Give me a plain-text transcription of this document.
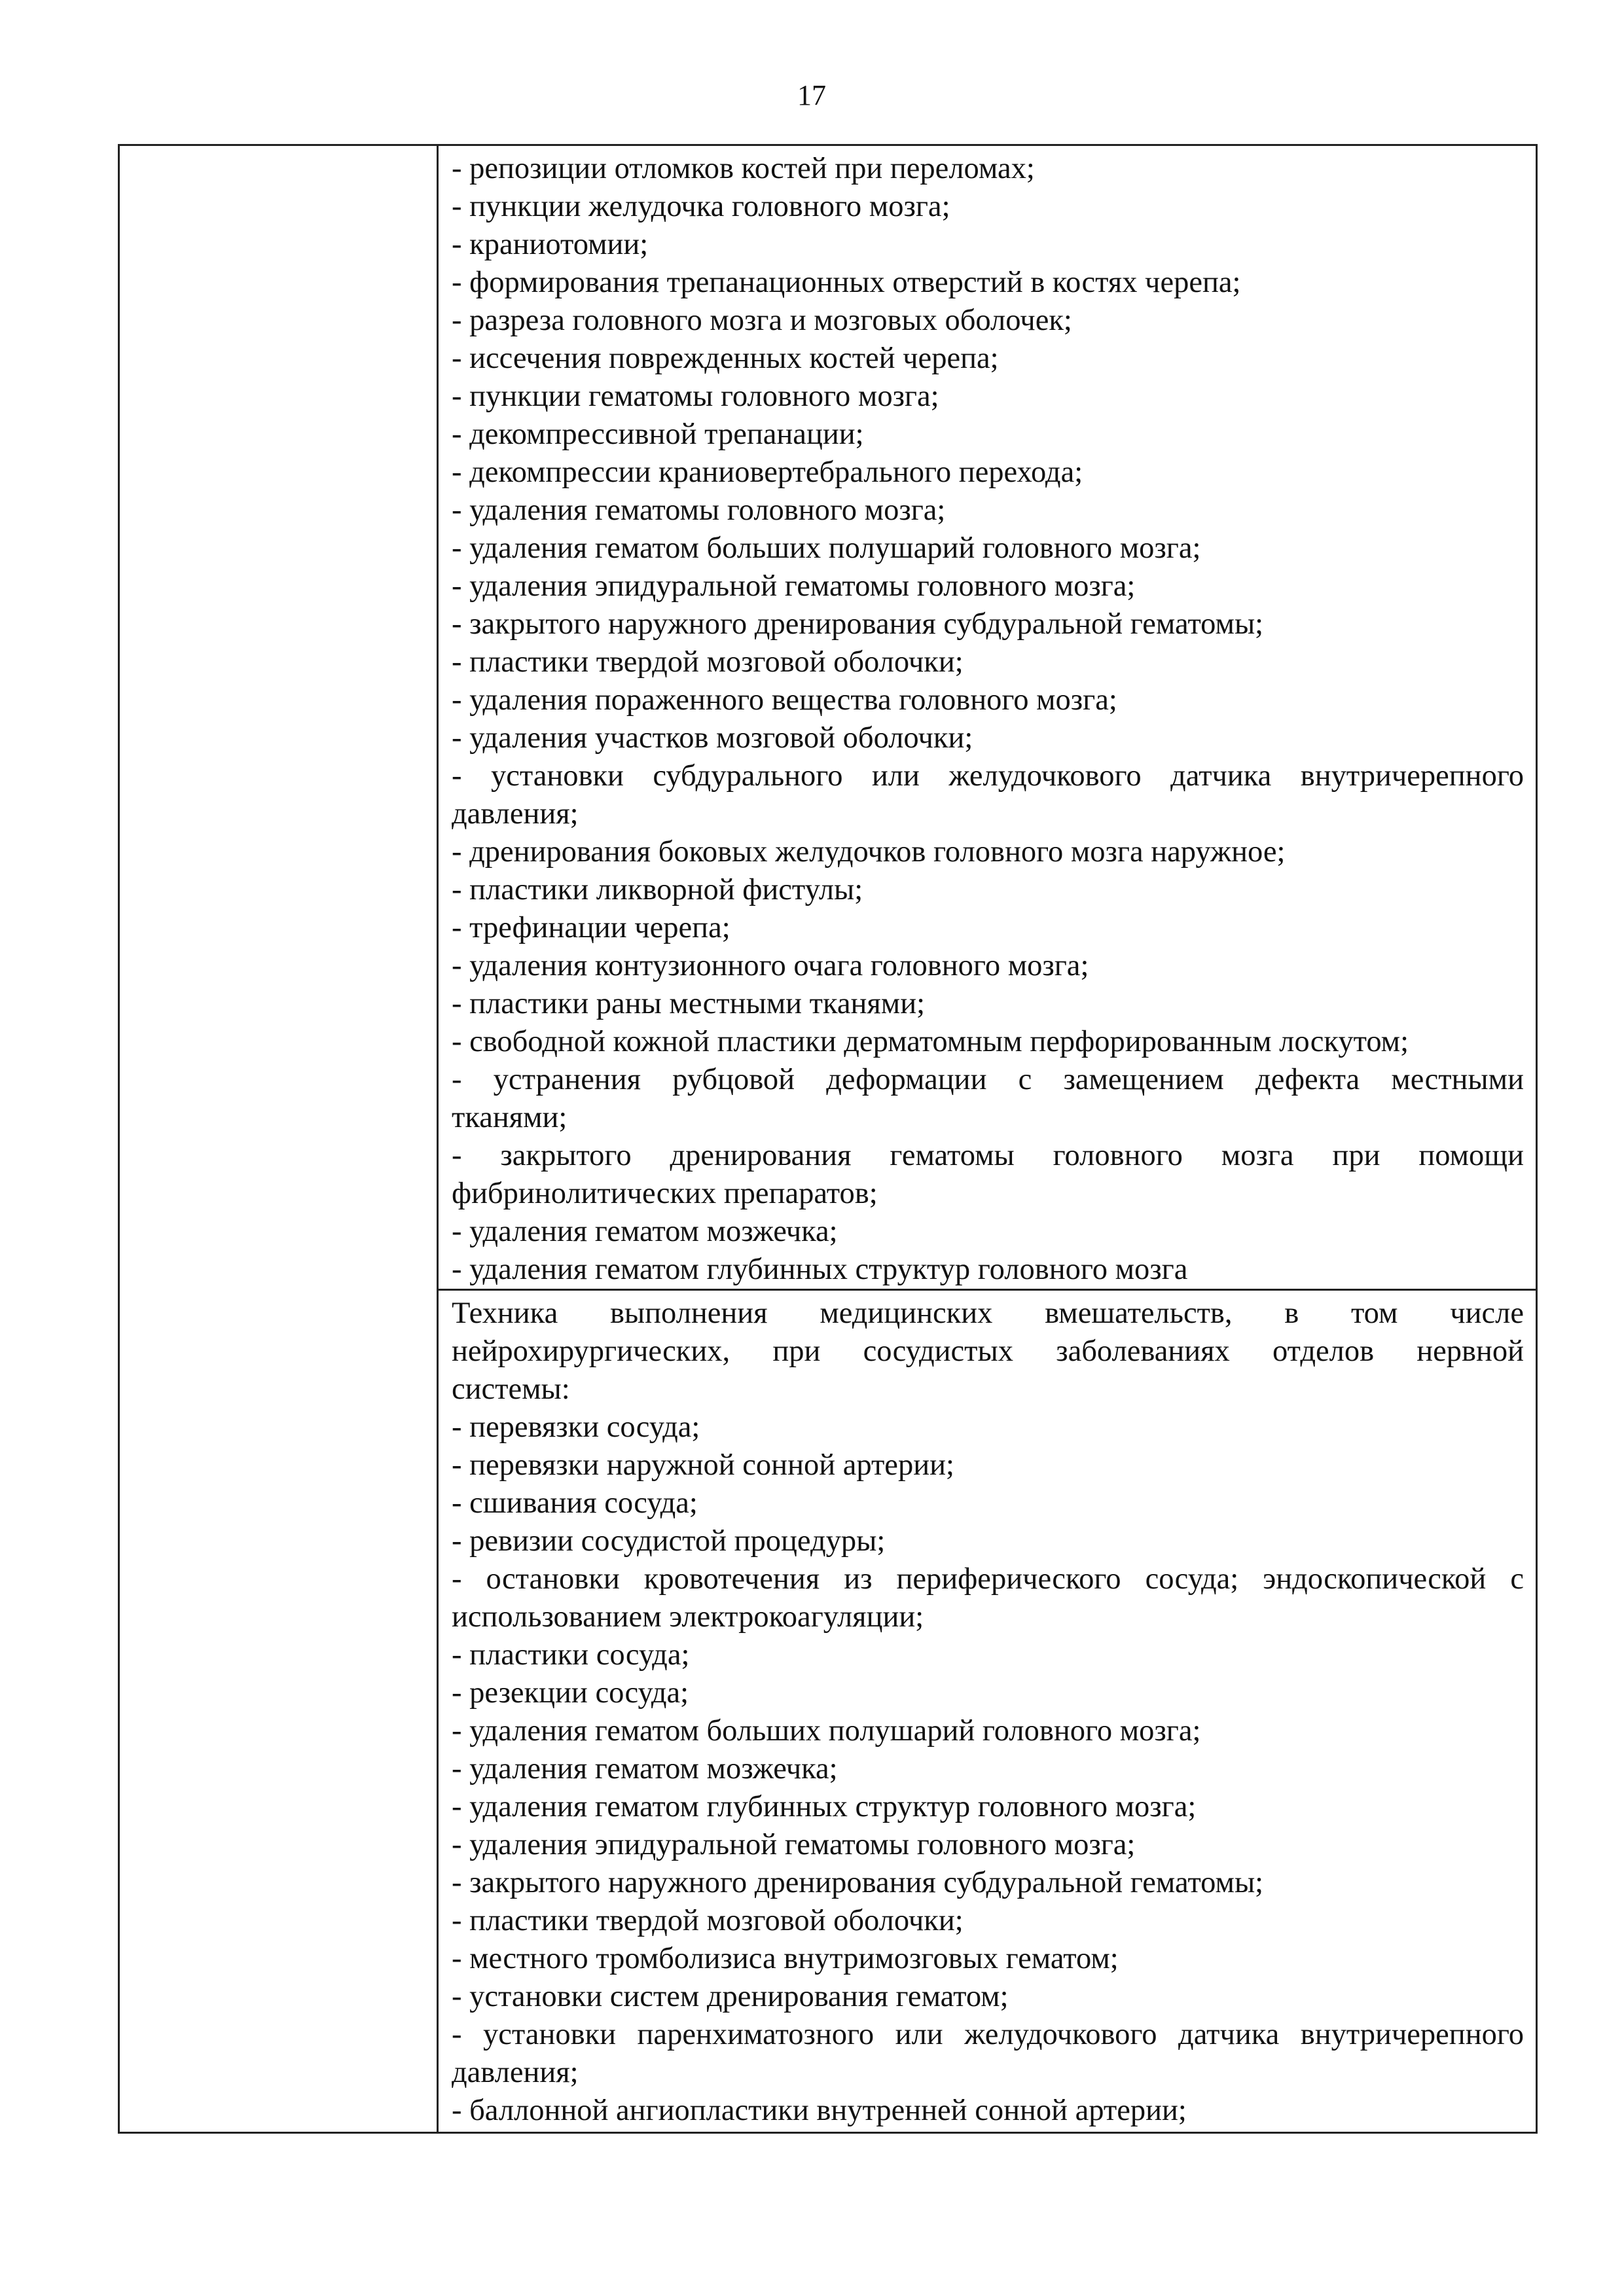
17
- репозиции отломков костей при переломах;
- пункции желудочка головного мозга;
- краниотомии;
- формирования трепанационных отверстий в костях черепа;
- разреза головного мозга и мозговых оболочек;
- иссечения поврежденных костей черепа;
- пункции гематомы головного мозга;
- декомпрессивной трепанации;
- декомпрессии краниовертебрального перехода;
- удаления гематомы головного мозга;
- удаления гематом больших полушарий головного мозга;
- удаления эпидуральной гематомы головного мозга;
- закрытого наружного дренирования субдуральной гематомы;
- пластики твердой мозговой оболочки;
- удаления пораженного вещества головного мозга;
- удаления участков мозговой оболочки;
- установки субдурального или желудочкового датчика внутричерепного
давления;
- дренирования боковых желудочков головного мозга наружное;
- пластики ликворной фистулы;
- трефинации черепа;
- удаления контузионного очага головного мозга;
- пластики раны местными тканями;
- свободной кожной пластики дерматомным перфорированным лоскутом;
- устранения рубцовой деформации с замещением дефекта местными
тканями;
- закрытого дренирования гематомы головного мозга при помощи
фибринолитических препаратов;
- удаления гематом мозжечка;
- удаления гематом глубинных структур головного мозга
Техника выполнения медицинских вмешательств, в том числе
нейрохирургических, при сосудистых заболеваниях отделов нервной
системы:
- перевязки сосуда;
- перевязки наружной сонной артерии;
- сшивания сосуда;
- ревизии сосудистой процедуры;
- остановки кровотечения из периферического сосуда; эндоскопической с
использованием электрокоагуляции;
- пластики сосуда;
- резекции сосуда;
- удаления гематом больших полушарий головного мозга;
- удаления гематом мозжечка;
- удаления гематом глубинных структур головного мозга;
- удаления эпидуральной гематомы головного мозга;
- закрытого наружного дренирования субдуральной гематомы;
- пластики твердой мозговой оболочки;
- местного тромболизиса внутримозговых гематом;
- установки систем дренирования гематом;
- установки паренхиматозного или желудочкового датчика внутричерепного
давления;
- баллонной ангиопластики внутренней сонной артерии;
